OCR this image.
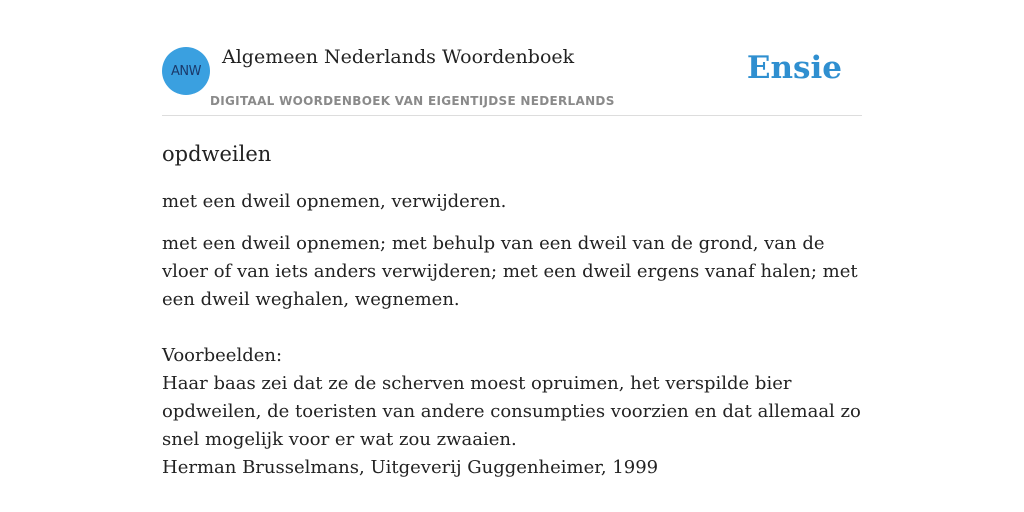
ANW
Algemeen Nederlands Woordenboek
DIGITAAL WOORDENBOEK VAN EIGENTIJDSE NEDERLANDS
Ensie
opdweilen

met een dweil opnemen, verwijderen.

met een dweil opnemen; met behulp van een dweil van de grond, van de vloer of van iets anders verwijderen; met een dweil ergens vanaf halen; met een dweil weghalen, wegnemen.

Voorbeelden:
Haar baas zei dat ze de scherven moest opruimen, het verspilde bier opdweilen, de toeristen van andere consumpties voorzien en dat allemaal zo snel mogelijk voor er wat zou zwaaien.
Herman Brusselmans, Uitgeverij Guggenheimer, 1999
